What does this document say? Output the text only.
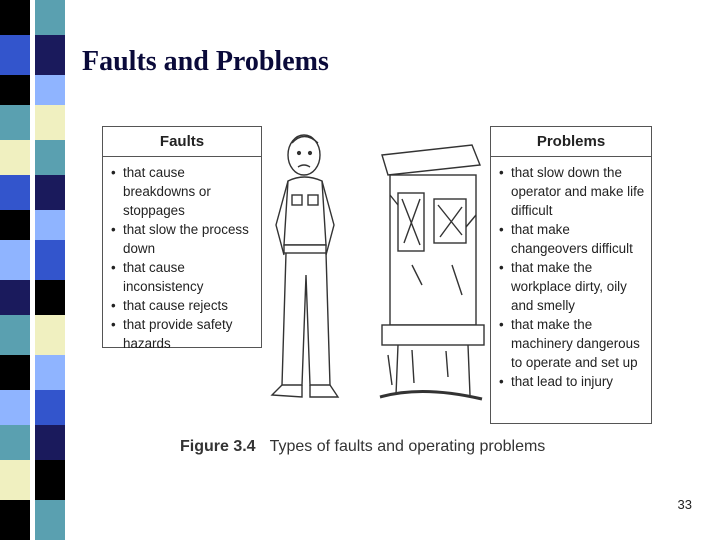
Faults and Problems
Faults
• that cause breakdowns or stoppages
• that slow the process down
• that cause inconsistency
• that cause rejects
• that provide safety hazards
Problems
• that slow down the operator and make life difficult
• that make changeovers difficult
• that make the workplace dirty, oily and smelly
• that make the machinery dangerous to operate and set up
• that lead to injury
Figure 3.4 Types of faults and operating problems
33
